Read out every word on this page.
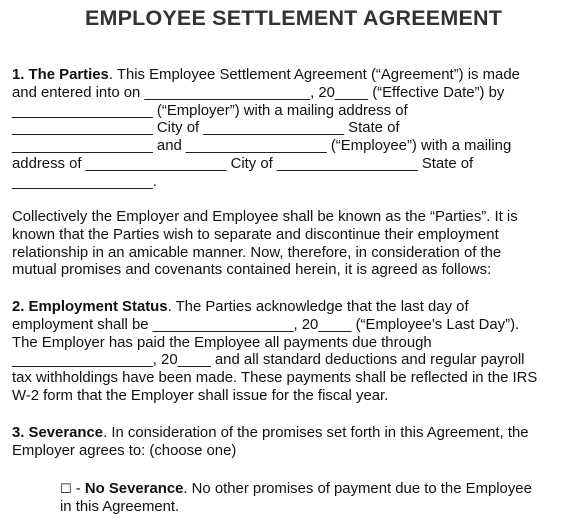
EMPLOYEE SETTLEMENT AGREEMENT
1. The Parties. This Employee Settlement Agreement (“Agreement”) is made
and entered into on ____________________, 20____ (“Effective Date”) by
_________________ (“Employer”) with a mailing address of
_________________ City of _________________ State of
_________________ and _________________ (“Employee”) with a mailing
address of _________________ City of _________________ State of
_________________.
Collectively the Employer and Employee shall be known as the “Parties”. It is
known that the Parties wish to separate and discontinue their employment
relationship in an amicable manner. Now, therefore, in consideration of the
mutual promises and covenants contained herein, it is agreed as follows:
2. Employment Status. The Parties acknowledge that the last day of
employment shall be _________________, 20____ (“Employee’s Last Day”).
The Employer has paid the Employee all payments due through
_________________, 20____ and all standard deductions and regular payroll
tax withholdings have been made. These payments shall be reflected in the IRS
W-2 form that the Employer shall issue for the fiscal year.
3. Severance. In consideration of the promises set forth in this Agreement, the
Employer agrees to: (choose one)
☐ - No Severance. No other promises of payment due to the Employee
in this Agreement.
